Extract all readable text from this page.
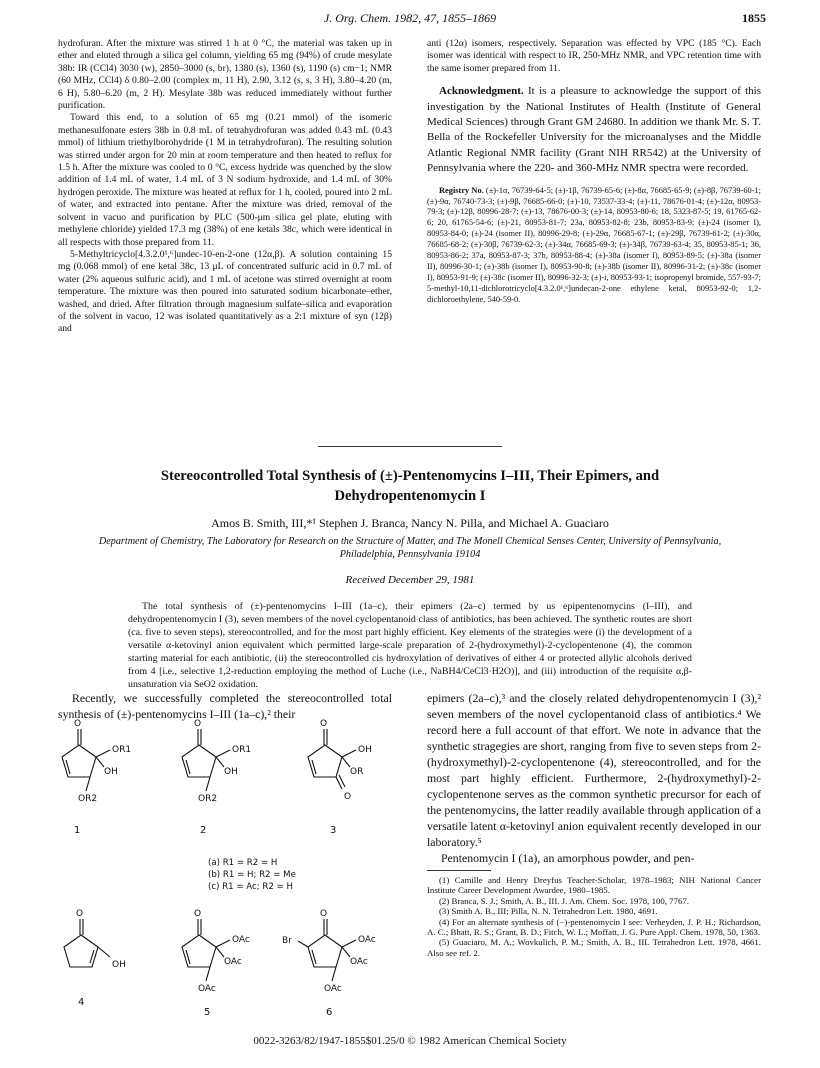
J. Org. Chem. 1982, 47, 1855–1869	1855

hydrofuran. After the mixture was stirred 1 h at 0 °C, the material was taken up in ether and eluted through a silica gel column, yielding 65 mg (94%) of crude mesylate 38b: IR (CCl4) 3030 (w), 2850–3000 (s, br), 1380 (s), 1360 (s), 1190 (s) cm−1; NMR (60 MHz, CCl4) δ 0.80–2.00 (complex m, 11 H), 2.90, 3.12 (s, s, 3 H), 3.80–4.20 (m, 6 H), 5.80–6.20 (m, 2 H). Mesylate 38b was reduced immediately without further purification.

Toward this end, to a solution of 65 mg (0.21 mmol) of the isomeric methanesulfonate esters 38b in 0.8 mL of tetrahydrofuran was added 0.43 mL (0.43 mmol) of lithium triethylborohydride (1 M in tetrahydrofuran). The resulting solution was stirred under argon for 20 min at room temperature and then heated to reflux for 1.5 h. After the mixture was cooled to 0 °C, excess hydride was quenched by the slow addition of 1.4 mL of water, 1.4 mL of 3 N sodium hydroxide, and 1.4 mL of 30% hydrogen peroxide. The mixture was heated at reflux for 1 h, cooled, poured into 2 mL of water, and extracted into pentane. After the mixture was dried, removal of the solvent in vacuo and purification by PLC (500-μm silica gel plate, eluting with methylene chloride) yielded 17.3 mg (38%) of ene ketals 38c, which were identical in all respects with those prepared from 11.

5-Methyltricyclo[4.3.2.0¹,⁶]undec-10-en-2-one (12α,β). A solution containing 15 mg (0.068 mmol) of ene ketal 38c, 13 μL of concentrated sulfuric acid in 0.7 mL of water (2% aqueous sulfuric acid), and 1 mL of acetone was stirred overnight at room temperature. The mixture was then poured into saturated sodium bicarbonate–ether, washed, and dried. After filtration through magnesium sulfate–silica and evaporation of the solvent in vacuo, 12 was isolated quantitatively as a 2:1 mixture of syn (12β) and

anti (12α) isomers, respectively. Separation was effected by VPC (185 °C). Each isomer was identical with respect to IR, 250-MHz NMR, and VPC retention time with the same isomer prepared from 11.

Acknowledgment. It is a pleasure to acknowledge the support of this investigation by the National Institutes of Health (Institute of General Medical Sciences) through Grant GM 24680. In addition we thank Mr. S. T. Bella of the Rockefeller University for the microanalyses and the Middle Atlantic Regional NMR facility (Grant NIH RR542) at the University of Pennsylvania where the 220- and 360-MHz NMR spectra were recorded.

Registry No. (±)-1α, 76739-64-5; (±)-1β, 76739-65-6; (±)-8α, 76685-65-9; (±)-8β, 76739-60-1; (±)-9α, 76740-73-3; (±)-9β, 76685-66-0; (±)-10, 73537-33-4; (±)-11, 78676-01-4; (±)-12α, 80953-79-3; (±)-12β, 80996-28-7; (±)-13, 78676-00-3; (±)-14, 80953-80-6; 18, 5323-87-5; 19, 61765-62-6; 20, 61765-54-6; (±)-21, 80953-81-7; 23a, 80953-82-8; 23b, 80953-83-9; (±)-24 (isomer I), 80953-84-0; (±)-24 (isomer II), 80996-29-8; (±)-29α, 76685-67-1; (±)-29β, 76739-61-2; (±)-30α, 76685-68-2; (±)-30β, 76739-62-3; (±)-34α, 76685-69-3; (±)-34β, 76739-63-4; 35, 80953-85-1; 36, 80953-86-2; 37a, 80953-87-3; 37b, 80953-88-4; (±)-38a (isomer I), 80953-89-5; (±)-38a (isomer II), 80996-30-1; (±)-38b (isomer I), 80953-90-8; (±)-38b (isomer II), 80996-31-2; (±)-38c (isomer I), 80953-91-9; (±)-38c (isomer II), 80996-32-3; (±)-i, 80953-93-1; isopropenyl bromide, 557-93-7; 5-methyl-10,11-dichlorotricyclo[4.3.2.0¹,⁶]undecan-2-one ethylene ketal, 80953-92-0; 1,2-dichloroethylene, 540-59-0.

Stereocontrolled Total Synthesis of (±)-Pentenomycins I–III, Their Epimers, and Dehydropentenomycin I
Amos B. Smith, III,*¹ Stephen J. Branca, Nancy N. Pilla, and Michael A. Guaciaro
Department of Chemistry, The Laboratory for Research on the Structure of Matter, and The Monell Chemical Senses Center, University of Pennsylvania, Philadelphia, Pennsylvania 19104
Received December 29, 1981

The total synthesis of (±)-pentenomycins I–III (1a–c), their epimers (2a–c) termed by us epipentenomycins (I–III), and dehydropentenomycin I (3), seven members of the novel cyclopentanoid class of antibiotics, has been achieved. The synthetic routes are short (ca. five to seven steps), stereocontrolled, and for the most part highly efficient. Key elements of the strategies were (i) the development of a versatile α-ketovinyl anion equivalent which permitted large-scale preparation of 2-(hydroxymethyl)-2-cyclopentenone (4), the common starting material for each antibiotic, (ii) the stereocontrolled cis hydroxylation of derivatives of either 4 or protected allylic alcohols derived from 4 [i.e., selective 1,2-reduction employing the method of Luche (i.e., NaBH4/CeCl3·H2O)], and (iii) introduction of the requisite α,β-unsaturation via SeO2 oxidation.

Recently, we successfully completed the stereocontrolled total synthesis of (±)-pentenomycins I–III (1a–c),² their

O
OR1
OH
OR2
1
O
OR1
OH
OR2
2
O
OH
OR
O
3
(a) R1 = R2 = H
(b) R1 = H; R2 = Me
(c) R1 = Ac; R2 = H
O
OH
4
O
OAc
OAc
OAc
5
O
Br	OAc
OAc
OAc
6

epimers (2a–c),³ and the closely related dehydropentenomycin I (3),² seven members of the novel cyclopentanoid class of antibiotics.⁴ We record here a full account of that effort. We note in advance that the synthetic stragegies are short, ranging from five to seven steps from 2-(hydroxymethyl)-2-cyclopentenone (4), stereocontrolled, and for the most part highly efficient. Furthermore, 2-(hydroxymethyl)-2-cyclopentenone serves as the common synthetic precursor for each of the pentenomycins, the latter readily available through application of a versatile latent α-ketovinyl anion equivalent recently developed in our laboratory.⁵

Pentenomycin I (1a), an amorphous powder, and pen-

(1) Camille and Henry Dreyfus Teacher-Scholar, 1978–1983; NIH National Cancer Institute Career Development Awardee, 1980–1985.

(2) Branca, S. J.; Smith, A. B., III. J. Am. Chem. Soc. 1978, 100, 7767.

(3) Smith A. B., III; Pilla, N. N. Tetrahedron Lett. 1980, 4691.

(4) For an alternate synthesis of (−)-pentenomycin I see: Verheyden, J. P. H.; Richardson, A. C.; Bhatt, R. S.; Grant, B. D.; Fitch, W. L.; Moffatt, J. G. Pure Appl. Chem. 1978, 50, 1363.

(5) Guaciaro, M. A.; Wovkulich, P. M.; Smith, A. B., III. Tetrahedron Lett. 1978, 4661. Also see ref. 2.

0022-3263/82/1947-1855$01.25/0 © 1982 American Chemical Society
